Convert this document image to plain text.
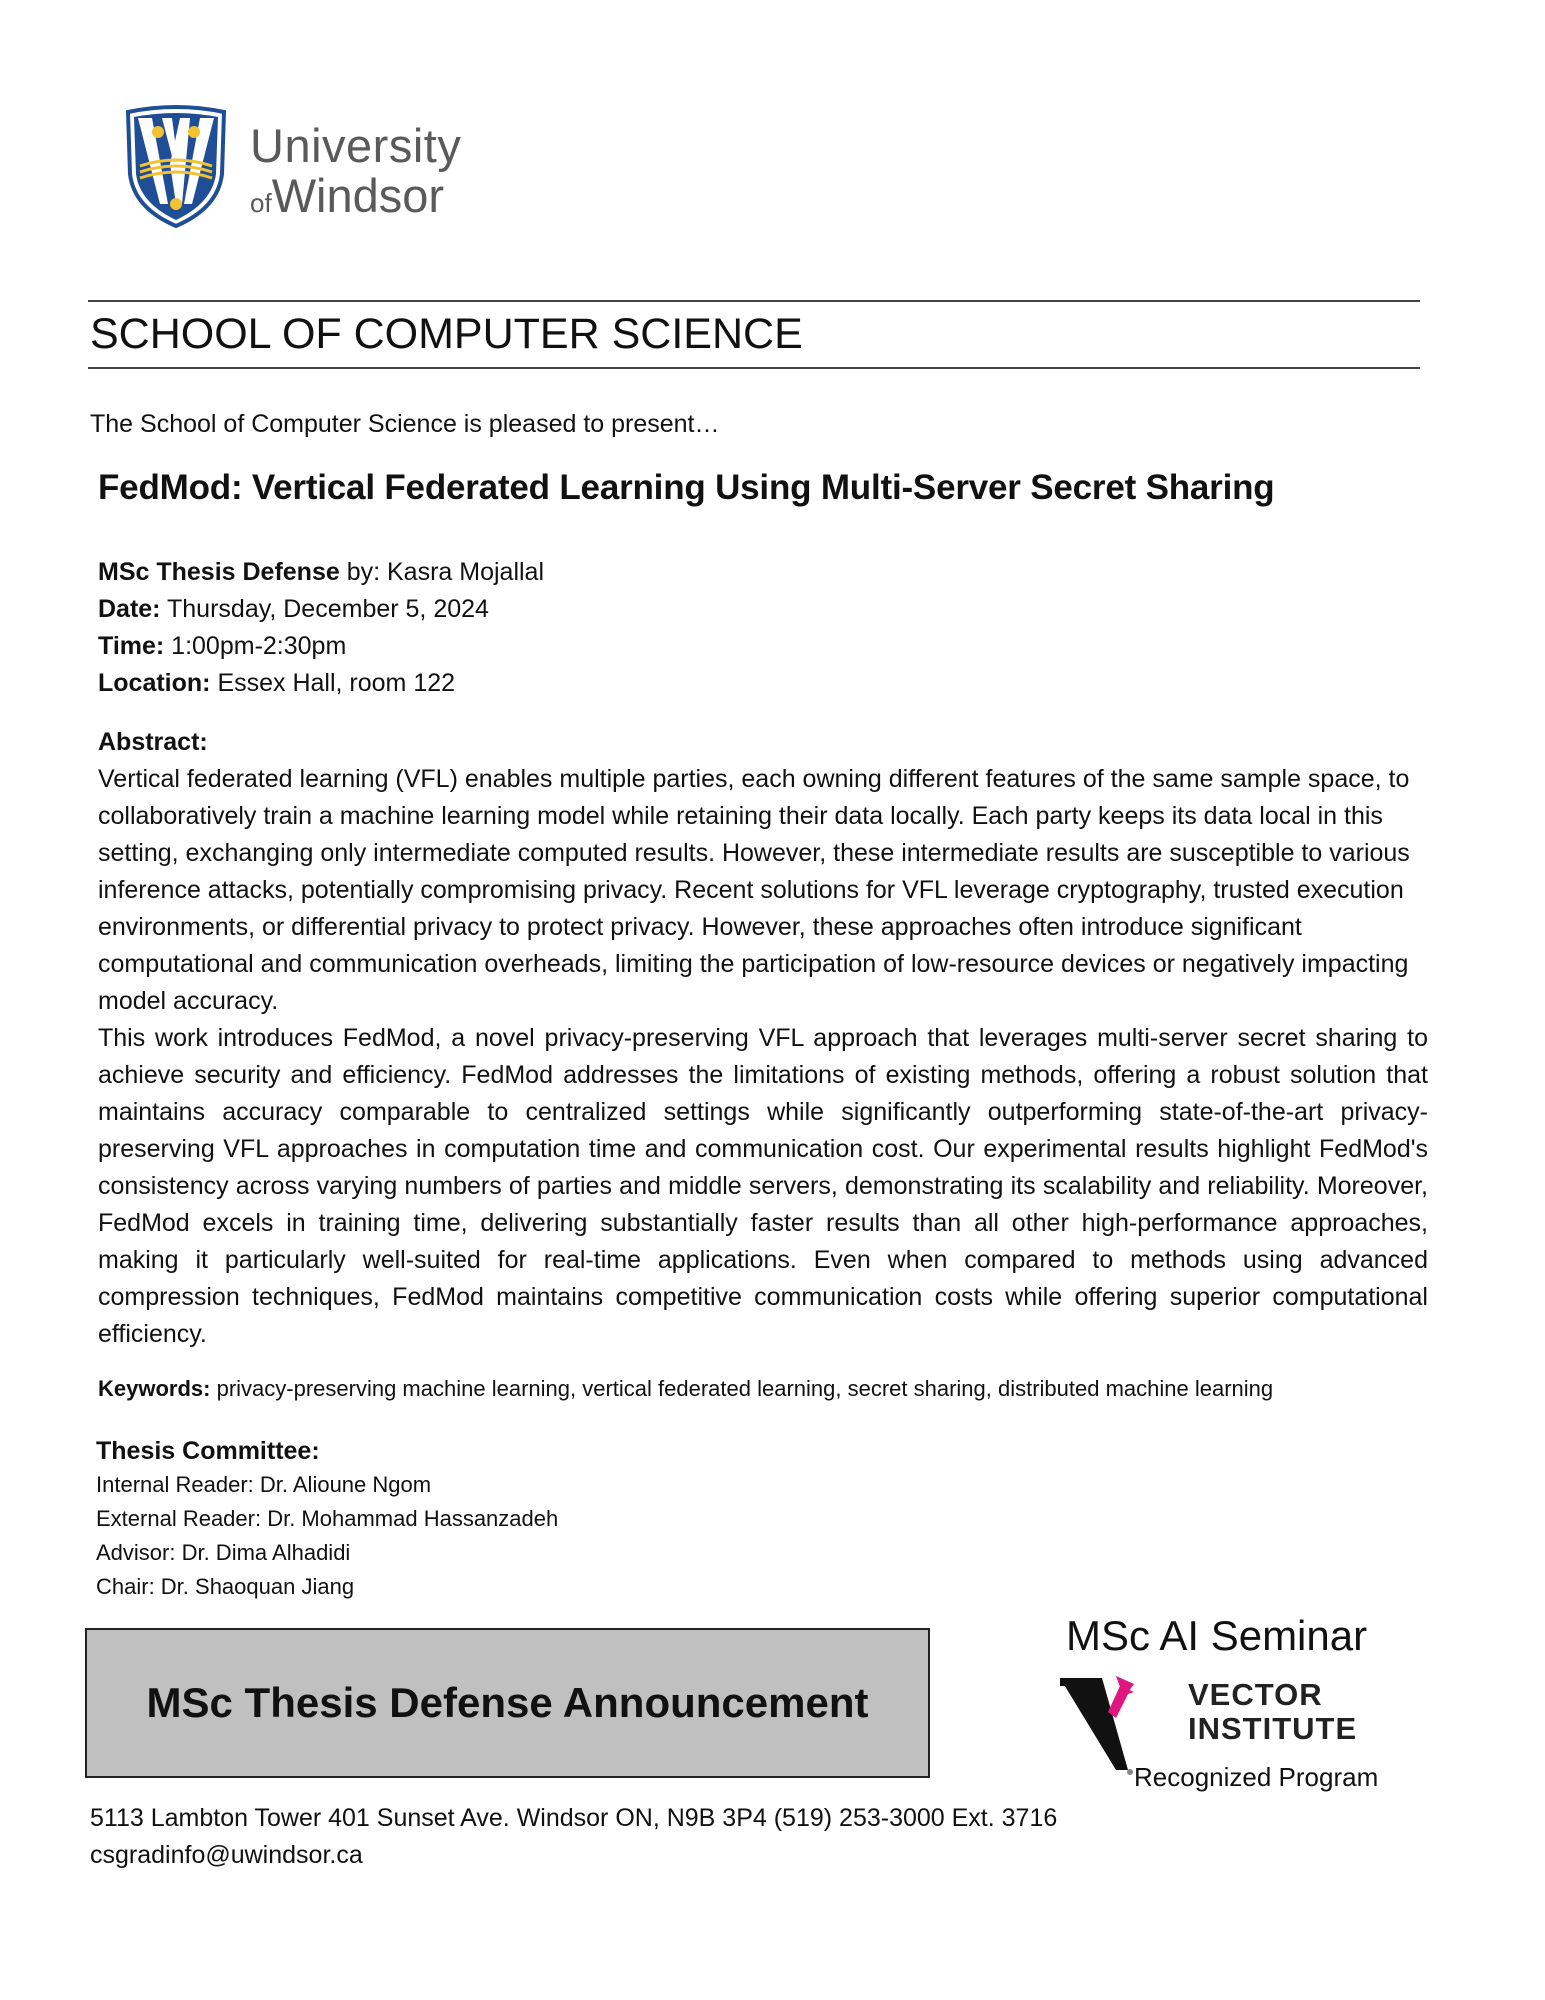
University
ofWindsor
SCHOOL OF COMPUTER SCIENCE
The School of Computer Science is pleased to present…
FedMod: Vertical Federated Learning Using Multi-Server Secret Sharing
MSc Thesis Defense by: Kasra Mojallal
Date: Thursday, December 5, 2024
Time: 1:00pm-2:30pm
Location: Essex Hall, room 122
Abstract:

Vertical federated learning (VFL) enables multiple parties, each owning different features of the same sample space, to collaboratively train a machine learning model while retaining their data locally. Each party keeps its data local in this setting, exchanging only intermediate computed results. However, these intermediate results are susceptible to various inference attacks, potentially compromising privacy. Recent solutions for VFL leverage cryptography, trusted execution environments, or differential privacy to protect privacy. However, these approaches often introduce significant computational and communication overheads, limiting the participation of low-resource devices or negatively impacting model accuracy.

This work introduces FedMod, a novel privacy-preserving VFL approach that leverages multi-server secret sharing to achieve security and efficiency. FedMod addresses the limitations of existing methods, offering a robust solution that maintains accuracy comparable to centralized settings while significantly outperforming state-of-the-art privacy-preserving VFL approaches in computation time and communication cost. Our experimental results highlight FedMod's consistency across varying numbers of parties and middle servers, demonstrating its scalability and reliability. Moreover, FedMod excels in training time, delivering substantially faster results than all other high-performance approaches, making it particularly well-suited for real-time applications. Even when compared to methods using advanced compression techniques, FedMod maintains competitive communication costs while offering superior computational efficiency.

Keywords: privacy-preserving machine learning, vertical federated learning, secret sharing, distributed machine learning
Thesis Committee:
Internal Reader: Dr. Alioune Ngom
External Reader: Dr. Mohammad Hassanzadeh
Advisor: Dr. Dima Alhadidi
Chair: Dr. Shaoquan Jiang
MSc Thesis Defense Announcement
MSc AI Seminar
VECTOR
INSTITUTE
Recognized Program
5113 Lambton Tower 401 Sunset Ave. Windsor ON, N9B 3P4 (519) 253-3000 Ext. 3716
csgradinfo@uwindsor.ca
